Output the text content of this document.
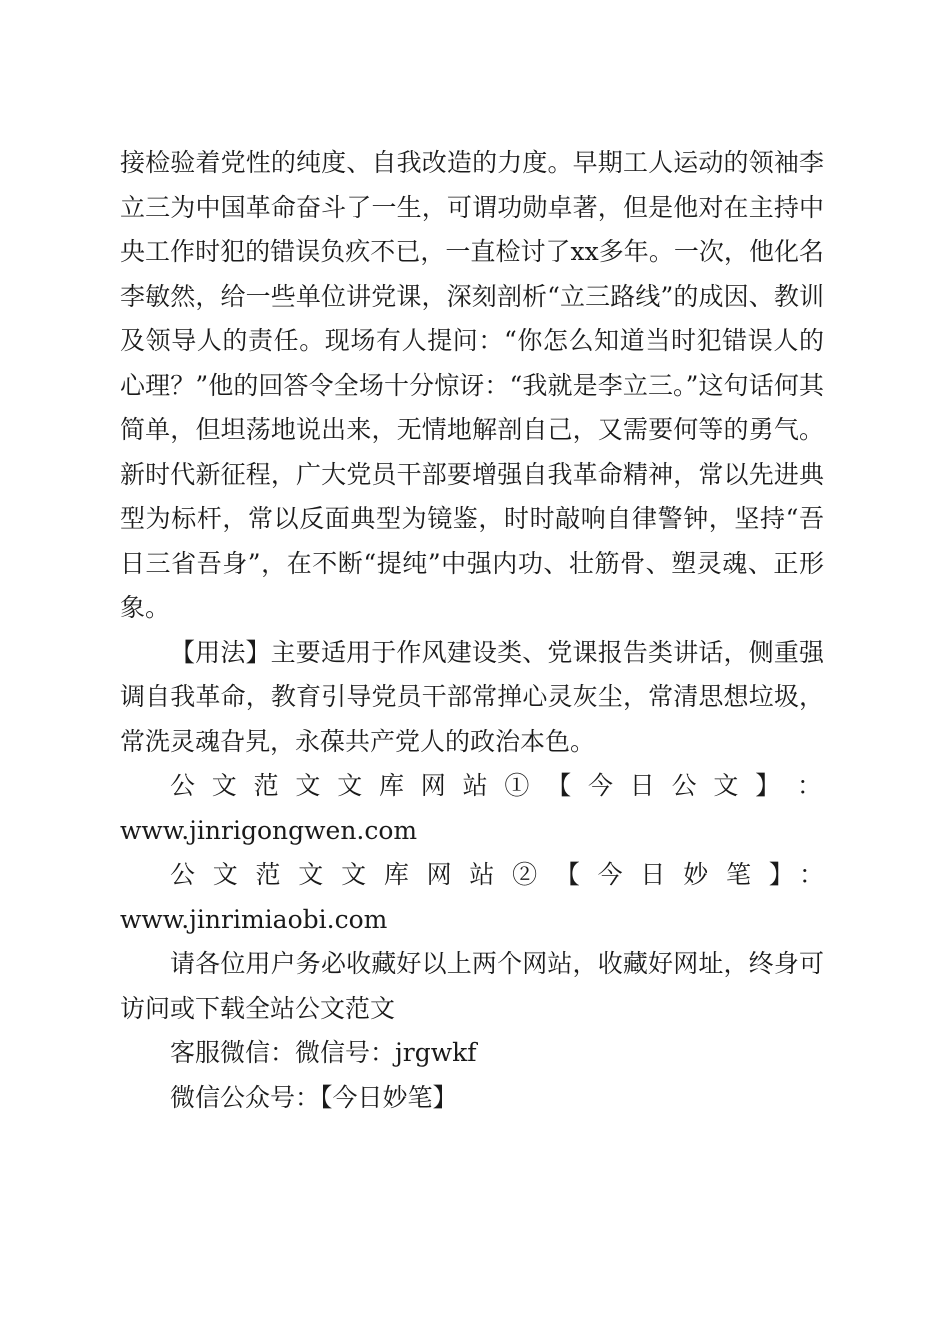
接检验着党性的纯度、自我改造的力度。早期工人运动的领袖李立三为中国革命奋斗了一生，可谓功勋卓著，但是他对在主持中央工作时犯的错误负疚不已，一直检讨了xx多年。一次，他化名李敏然，给一些单位讲党课，深刻剖析“立三路线”的成因、教训及领导人的责任。现场有人提问：“你怎么知道当时犯错误人的心理？”他的回答令全场十分惊讶：“我就是李立三。”这句话何其简单，但坦荡地说出来，无情地解剖自己，又需要何等的勇气。新时代新征程，广大党员干部要增强自我革命精神，常以先进典型为标杆，常以反面典型为镜鉴，时时敲响自律警钟，坚持“吾日三省吾身”，在不断“提纯”中强内功、壮筋骨、塑灵魂、正形象。

【用法】主要适用于作风建设类、党课报告类讲话，侧重强调自我革命，教育引导党员干部常掸心灵灰尘，常清思想垃圾，常洗灵魂旮旯，永葆共产党人的政治本色。

公 文 范 文 文 库 网 站 ① 【 今 日 公 文 】 ：

www.jinrigongwen.com

公文范文文库网站②【今日妙笔】：www.jinrimiaobi.com

请各位用户务必收藏好以上两个网站，收藏好网址，终身可访问或下载全站公文范文

客服微信：微信号：jrgwkf

微信公众号：【今日妙笔】
